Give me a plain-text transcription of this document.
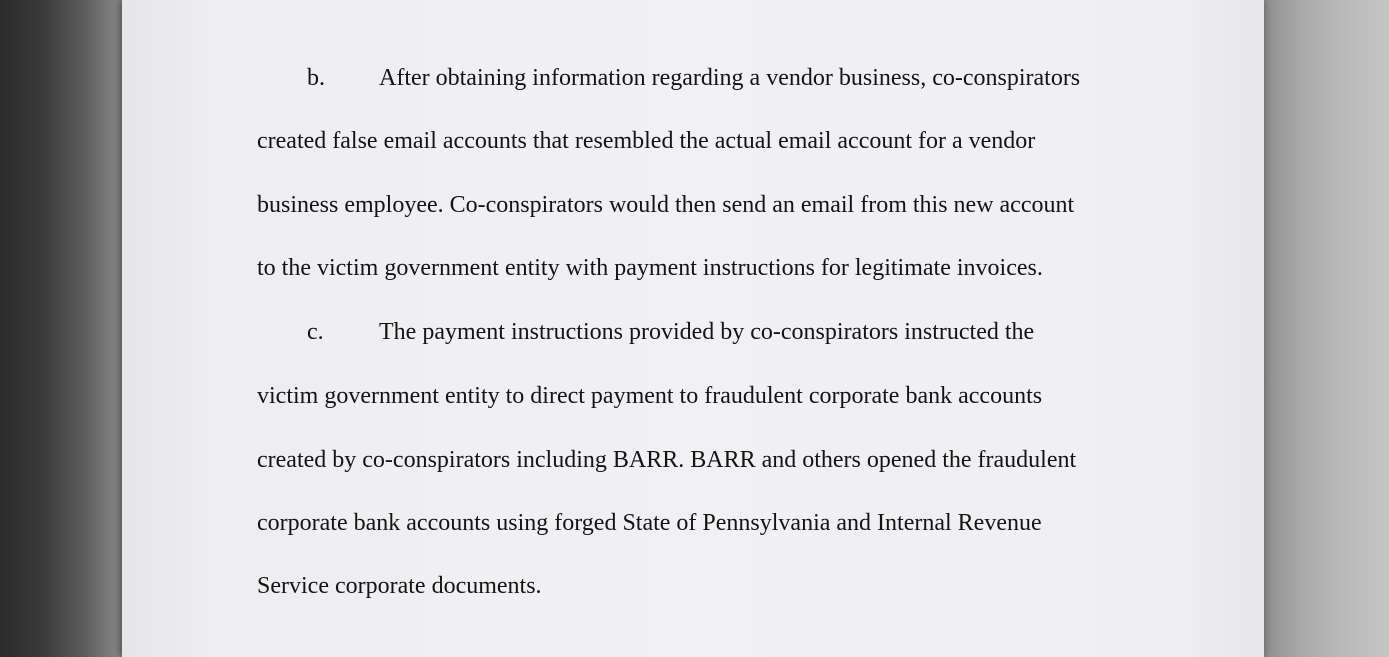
b. After obtaining information regarding a vendor business, co-conspirators
created false email accounts that resembled the actual email account for a vendor
business employee. Co-conspirators would then send an email from this new account
to the victim government entity with payment instructions for legitimate invoices.
c. The payment instructions provided by co-conspirators instructed the
victim government entity to direct payment to fraudulent corporate bank accounts
created by co-conspirators including BARR. BARR and others opened the fraudulent
corporate bank accounts using forged State of Pennsylvania and Internal Revenue
Service corporate documents.
